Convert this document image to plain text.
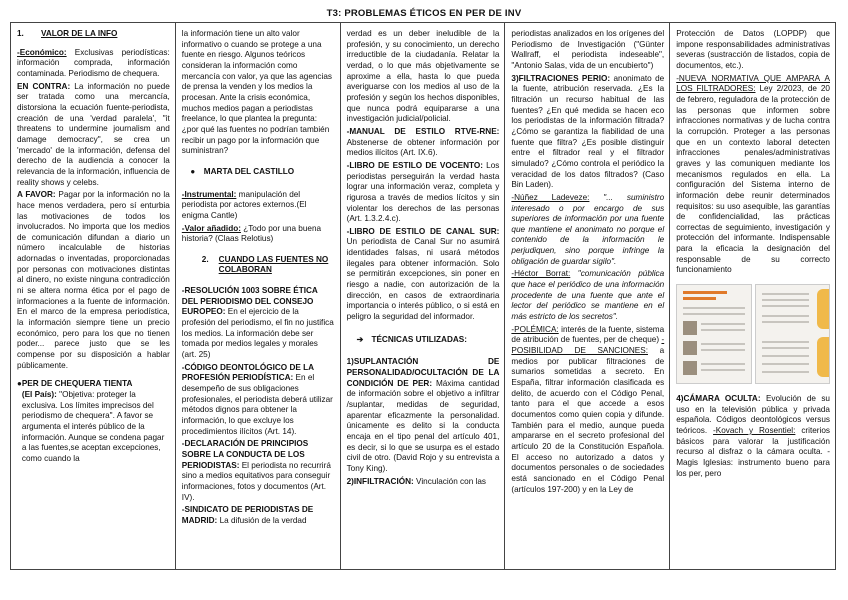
T3: PROBLEMAS ÉTICOS EN PER DE INV
1.	VALOR DE LA INFO

-Económico: Exclusivas periodísticas: información comprada, información contaminada. Periodismo de chequera.

EN CONTRA: La información no puede ser tratada como una mercancía, distorsiona la ecuación fuente-periodista, creación de una 'verdad paralela', "it threatens to undermine journalism and damage democracy", se crea un 'mercado' de la información, defensa del derecho de la audiencia a conocer la relevancia de la información, influencia de reality shows y celebs.

A FAVOR: Pagar por la información no la hace menos verdadera, pero sí enturbia las motivaciones de todos los involucrados. No importa que los medios de comunicación difundan a diario un número incalculable de historias adornadas o inventadas, proporcionadas por personas con motivaciones distintas al dinero, no existe ninguna contradicción ni se altera norma ética por el pago de informaciones a la fuente de información. En el marco de la empresa periodística, la información siempre tiene un precio económico, pero para los que no tienen poder... parece justo que se les compense por su disposición a hablar públicamente.

● PER DE CHEQUERA TIENTA
(El País): "Objetiva: proteger la exclusiva. Los límites imprecisos del periodismo de chequera". A favor se argumenta el interés público de la información. Aunque se condena pagar a las fuentes,se aceptan excepciones, como cuando la

la información tiene un alto valor informativo o cuando se protege a una fuente en riesgo. Algunos teóricos consideran la información como mercancía con valor, ya que las agencias de prensa la venden y los medios la procesan. Ante la crisis económica, muchos medios pagan a periodistas freelance, lo que plantea la pregunta: ¿por qué las fuentes no podrían también recibir un pago por la información que suministran?

●	MARTA DEL CASTILLO

-Instrumental: manipulación del periodista por actores externos.(El enigma Cantle)

-Valor añadido: ¿Todo por una buena historia? (Claas Relotius)

2.	CUANDO LAS FUENTES NO COLABORAN

-RESOLUCIÓN 1003 SOBRE ÉTICA DEL PERIODISMO DEL CONSEJO EUROPEO: En el ejercicio de la profesión del periodismo, el fin no justifica los medios. La información debe ser tomada por medios legales y morales (art. 25)

-CÓDIGO DEONTOLÓGICO DE LA PROFESIÓN PERIODÍSTICA: En el desempeño de sus obligaciones profesionales, el periodista deberá utilizar métodos dignos para obtener la información, lo que excluye los procedimientos ilícitos (Art. 14).

-DECLARACIÓN DE PRINCIPIOS SOBRE LA CONDUCTA DE LOS PERIODISTAS: El periodista no recurrirá sino a medios equitativos para conseguir informaciones, fotos y documentos (Art. IV).

-SINDICATO DE PERIODISTAS DE MADRID: La difusión de la verdad

verdad es un deber ineludible de la profesión, y su conocimiento, un derecho irreductible de la ciudadanía. Relatar la verdad, o lo que más objetivamente se aproxime a ella, hasta lo que pueda averiguarse con los medios al uso de la profesión y según los hechos disponibles, que nunca podrá equipararse a una investigación judicial/policial.

-MANUAL DE ESTILO RTVE-RNE: Abstenerse de obtener información por medios ilícitos (Art. IX.6).

-LIBRO DE ESTILO DE VOCENTO: Los periodistas perseguirán la verdad hasta lograr una información veraz, completa y rigurosa a través de medios lícitos y sin violentar los derechos de las personas (Art. 1.3.2.4.c).

-LIBRO DE ESTILO DE CANAL SUR: Un periodista de Canal Sur no asumirá identidades falsas, ni usará métodos ilegales para obtener información. Solo se permitirán excepciones, sin poner en riesgo a nadie, con autorización de la dirección, en casos de extraordinaria importancia o interés público, o si está en peligro la seguridad del informador.

➔ TÉCNICAS UTILIZADAS:

1)SUPLANTACIÓN DE PERSONALIDAD/OCULTACIÓN DE LA CONDICIÓN DE PER: Máxima cantidad de información sobre el objetivo a infiltrar /suplantar, medidas de seguridad, aparentar eficazmente la personalidad. únicamente es delito si la conducta encaja en el tipo penal del artículo 401, es decir, si lo que se usurpa es el estado civil de otro. (David Rojo y su entrevista a Tony King).

2)INFILTRACIÓN: Vinculación con las

periodistas analizados en los orígenes del Periodismo de Investigación ("Günter Wallraff, el periodista indeseable", "Antonio Salas, vida de un encubierto")

3)FILTRACIONES PERIO: anonimato de la fuente, atribución reservada. ¿Es la filtración un recurso habitual de las fuentes? ¿En qué medida se hacen eco los periodistas de la información filtrada? ¿Cómo se garantiza la fiabilidad de una fuente que filtra? ¿Es posible distinguir entre el filtrador real y el filtrador simulado? ¿Cómo controla el periódico la veracidad de los datos filtrados? (Caso Bin Laden).

-Núñez Ladeveze: "... suministro interesado o por encargo de sus superiores de información por una fuente que mantiene el anonimato no porque el contenido de la información le perjudiquen, sino porque infringe la obligación de guardar sigilo".

-Héctor Borrat: "comunicación pública que hace el periódico de una información procedente de una fuente que ante el lector del periódico se mantiene en el más estricto de los secretos".

-POLÉMICA: interés de la fuente, sistema de atribución de fuentes, per de cheque) -POSIBILIDAD DE SANCIONES: a medios por publicar filtraciones de sumarios sometidas a secreto. En España, filtrar información clasificada es delito, de acuerdo con el Código Penal, tanto para el que accede a esos documentos como quien copia y difunde. También para el medio, aunque pueda ampararse en el secreto profesional del artículo 20 de la Constitución Española. El acceso no autorizado a datos y documentos personales o de sociedades está sancionado en el Código Penal (artículos 197-200) y en la Ley de

Protección de Datos (LOPDP) que impone responsabilidades administrativas severas (sustracción de listados, copia de documentos, etc.).

-NUEVA NORMATIVA QUE AMPARA A LOS FILTRADORES: Ley 2/2023, de 20 de febrero, reguladora de la protección de las personas que informen sobre infracciones normativas y de lucha contra la corrupción. Proteger a las personas que en un contexto laboral detecten infracciones penales/administrativas graves y las comuniquen mediante los mecanismos regulados en ella. La configuración del Sistema interno de información debe reunir determinados requisitos: su uso asequible, las garantías de confidencialidad, las prácticas correctas de seguimiento, investigación y protección del informante. Indispensable para la eficacia la designación del responsable de su correcto funcionamiento

4)CÁMARA OCULTA: Evolución de su uso en la televisión pública y privada española. Códigos deontológicos versus teóricos. -Kovach y Rosentiel: criterios básicos para valorar la justificación recurso al disfraz o la cámara oculta. -Magis Iglesias: instrumento bueno para los per, pero
